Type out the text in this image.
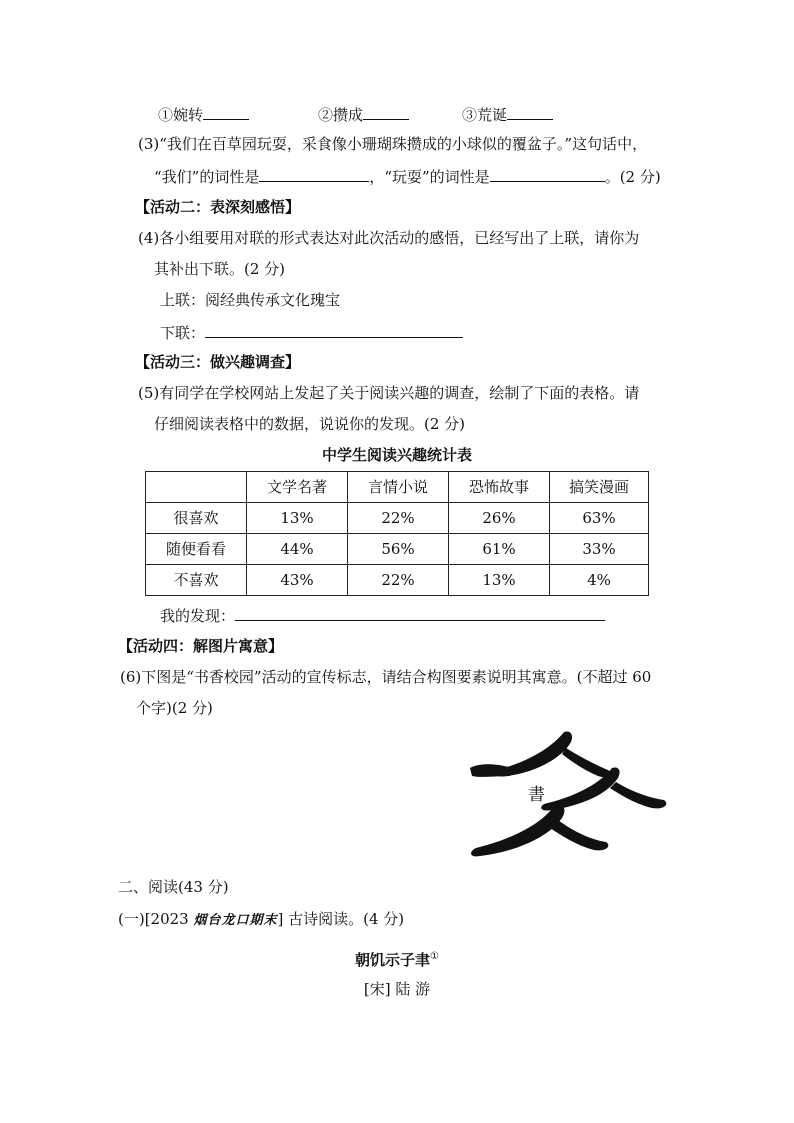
①婉转	②攒成	③荒诞
(3)“我们在百草园玩耍，采食像小珊瑚珠攒成的小球似的覆盆子。”这句话中，
“我们”的词性是	，“玩耍”的词性是	。(2 分)
【活动二：表深刻感悟】
(4)各小组要用对联的形式表达对此次活动的感悟，已经写出了上联，请你为
其补出下联。(2 分)
上联：阅经典传承文化瑰宝
下联：
【活动三：做兴趣调查】
(5)有同学在学校网站上发起了关于阅读兴趣的调查，绘制了下面的表格。请
仔细阅读表格中的数据，说说你的发现。(2 分)
中学生阅读兴趣统计表
	文学名著	言情小说	恐怖故事	搞笑漫画
很喜欢	13%	22%	26%	63%
随便看看	44%	56%	61%	33%
不喜欢	43%	22%	13%	4%
我的发现：
【活动四：解图片寓意】
(6)下图是“书香校园”活动的宣传标志，请结合构图要素说明其寓意。(不超过 60
个字)(2 分)
書
二、阅读(43 分)
(一)[2023 烟台龙口期末] 古诗阅读。(4 分)
朝饥示子聿①
[宋] 陆 游
